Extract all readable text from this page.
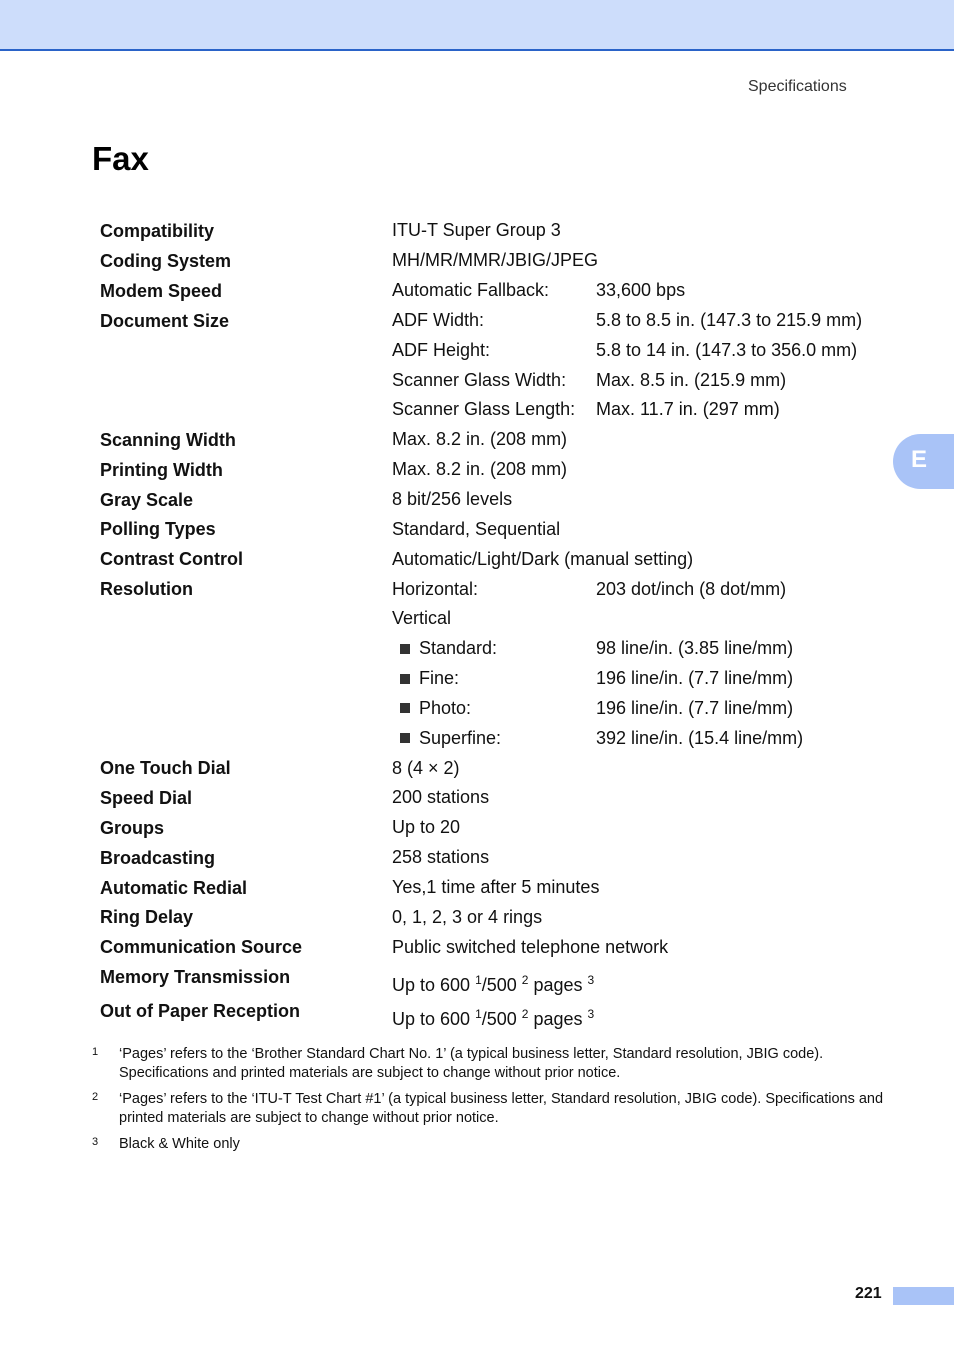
Specifications
Fax
E
Compatibility	ITU-T Super Group 3
Coding System	MH/MR/MMR/JBIG/JPEG
Modem Speed	Automatic Fallback:	33,600 bps
Document Size	ADF Width:	5.8 to 8.5 in. (147.3 to 215.9 mm)
ADF Height:	5.8 to 14 in. (147.3 to 356.0 mm)
Scanner Glass Width:	Max. 8.5 in. (215.9 mm)
Scanner Glass Length:	Max. 11.7 in. (297 mm)
Scanning Width	Max. 8.2 in. (208 mm)
Printing Width	Max. 8.2 in. (208 mm)
Gray Scale	8 bit/256 levels
Polling Types	Standard, Sequential
Contrast Control	Automatic/Light/Dark (manual setting)
Resolution	Horizontal:	203 dot/inch (8 dot/mm)
Vertical
Standard:	98 line/in. (3.85 line/mm)
Fine:	196 line/in. (7.7 line/mm)
Photo:	196 line/in. (7.7 line/mm)
Superfine:	392 line/in. (15.4 line/mm)
One Touch Dial	8 (4 × 2)
Speed Dial	200 stations
Groups	Up to 20
Broadcasting	258 stations
Automatic Redial	Yes,1 time after 5 minutes
Ring Delay	0, 1, 2, 3 or 4 rings
Communication Source	Public switched telephone network
Memory Transmission	Up to 600 $^1$/500 $^2$ pages $^3$
Out of Paper Reception	Up to 600 $^1$/500 $^2$ pages $^3$
1	‘Pages’ refers to the ‘Brother Standard Chart No. 1’ (a typical business letter, Standard resolution, JBIG code). Specifications and printed materials are subject to change without prior notice.
2	‘Pages’ refers to the ‘ITU-T Test Chart #1’ (a typical business letter, Standard resolution, JBIG code). Specifications and printed materials are subject to change without prior notice.
3	Black & White only
221
